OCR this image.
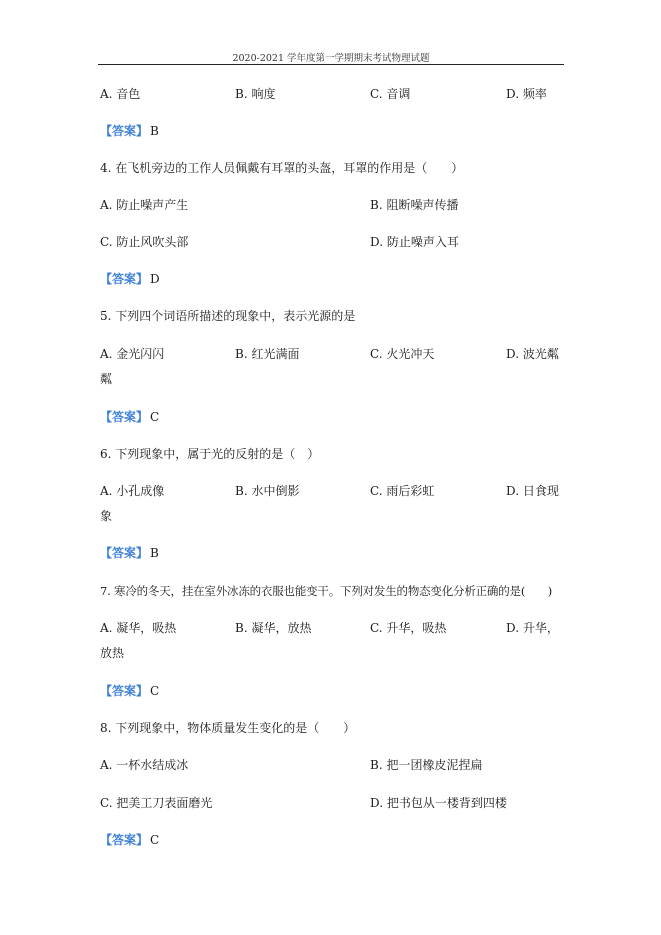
2020-2021 学年度第一学期期末考试物理试题
A. 音色	B. 响度	C. 音调	D. 频率
【答案】 B
4. 在飞机旁边的工作人员佩戴有耳罩的头盔，耳罩的作用是（　　）
A. 防止噪声产生	B. 阻断噪声传播
C. 防止风吹头部	D. 防止噪声入耳
【答案】 D
5. 下列四个词语所描述的现象中，表示光源的是
A. 金光闪闪	B. 红光满面	C. 火光冲天	D. 波光粼
粼
【答案】 C
6. 下列现象中，属于光的反射的是（　）
A. 小孔成像	B. 水中倒影	C. 雨后彩虹	D. 日食现
象
【答案】 B
7. 寒冷的冬天，挂在室外冰冻的衣服也能变干。下列对发生的物态变化分析正确的是(　　)
A. 凝华，吸热	B. 凝华，放热	C. 升华，吸热	D. 升华，
放热
【答案】 C
8. 下列现象中，物体质量发生变化的是（　　）
A. 一杯水结成冰	B. 把一团橡皮泥捏扁
C. 把美工刀表面磨光	D. 把书包从一楼背到四楼
【答案】 C
